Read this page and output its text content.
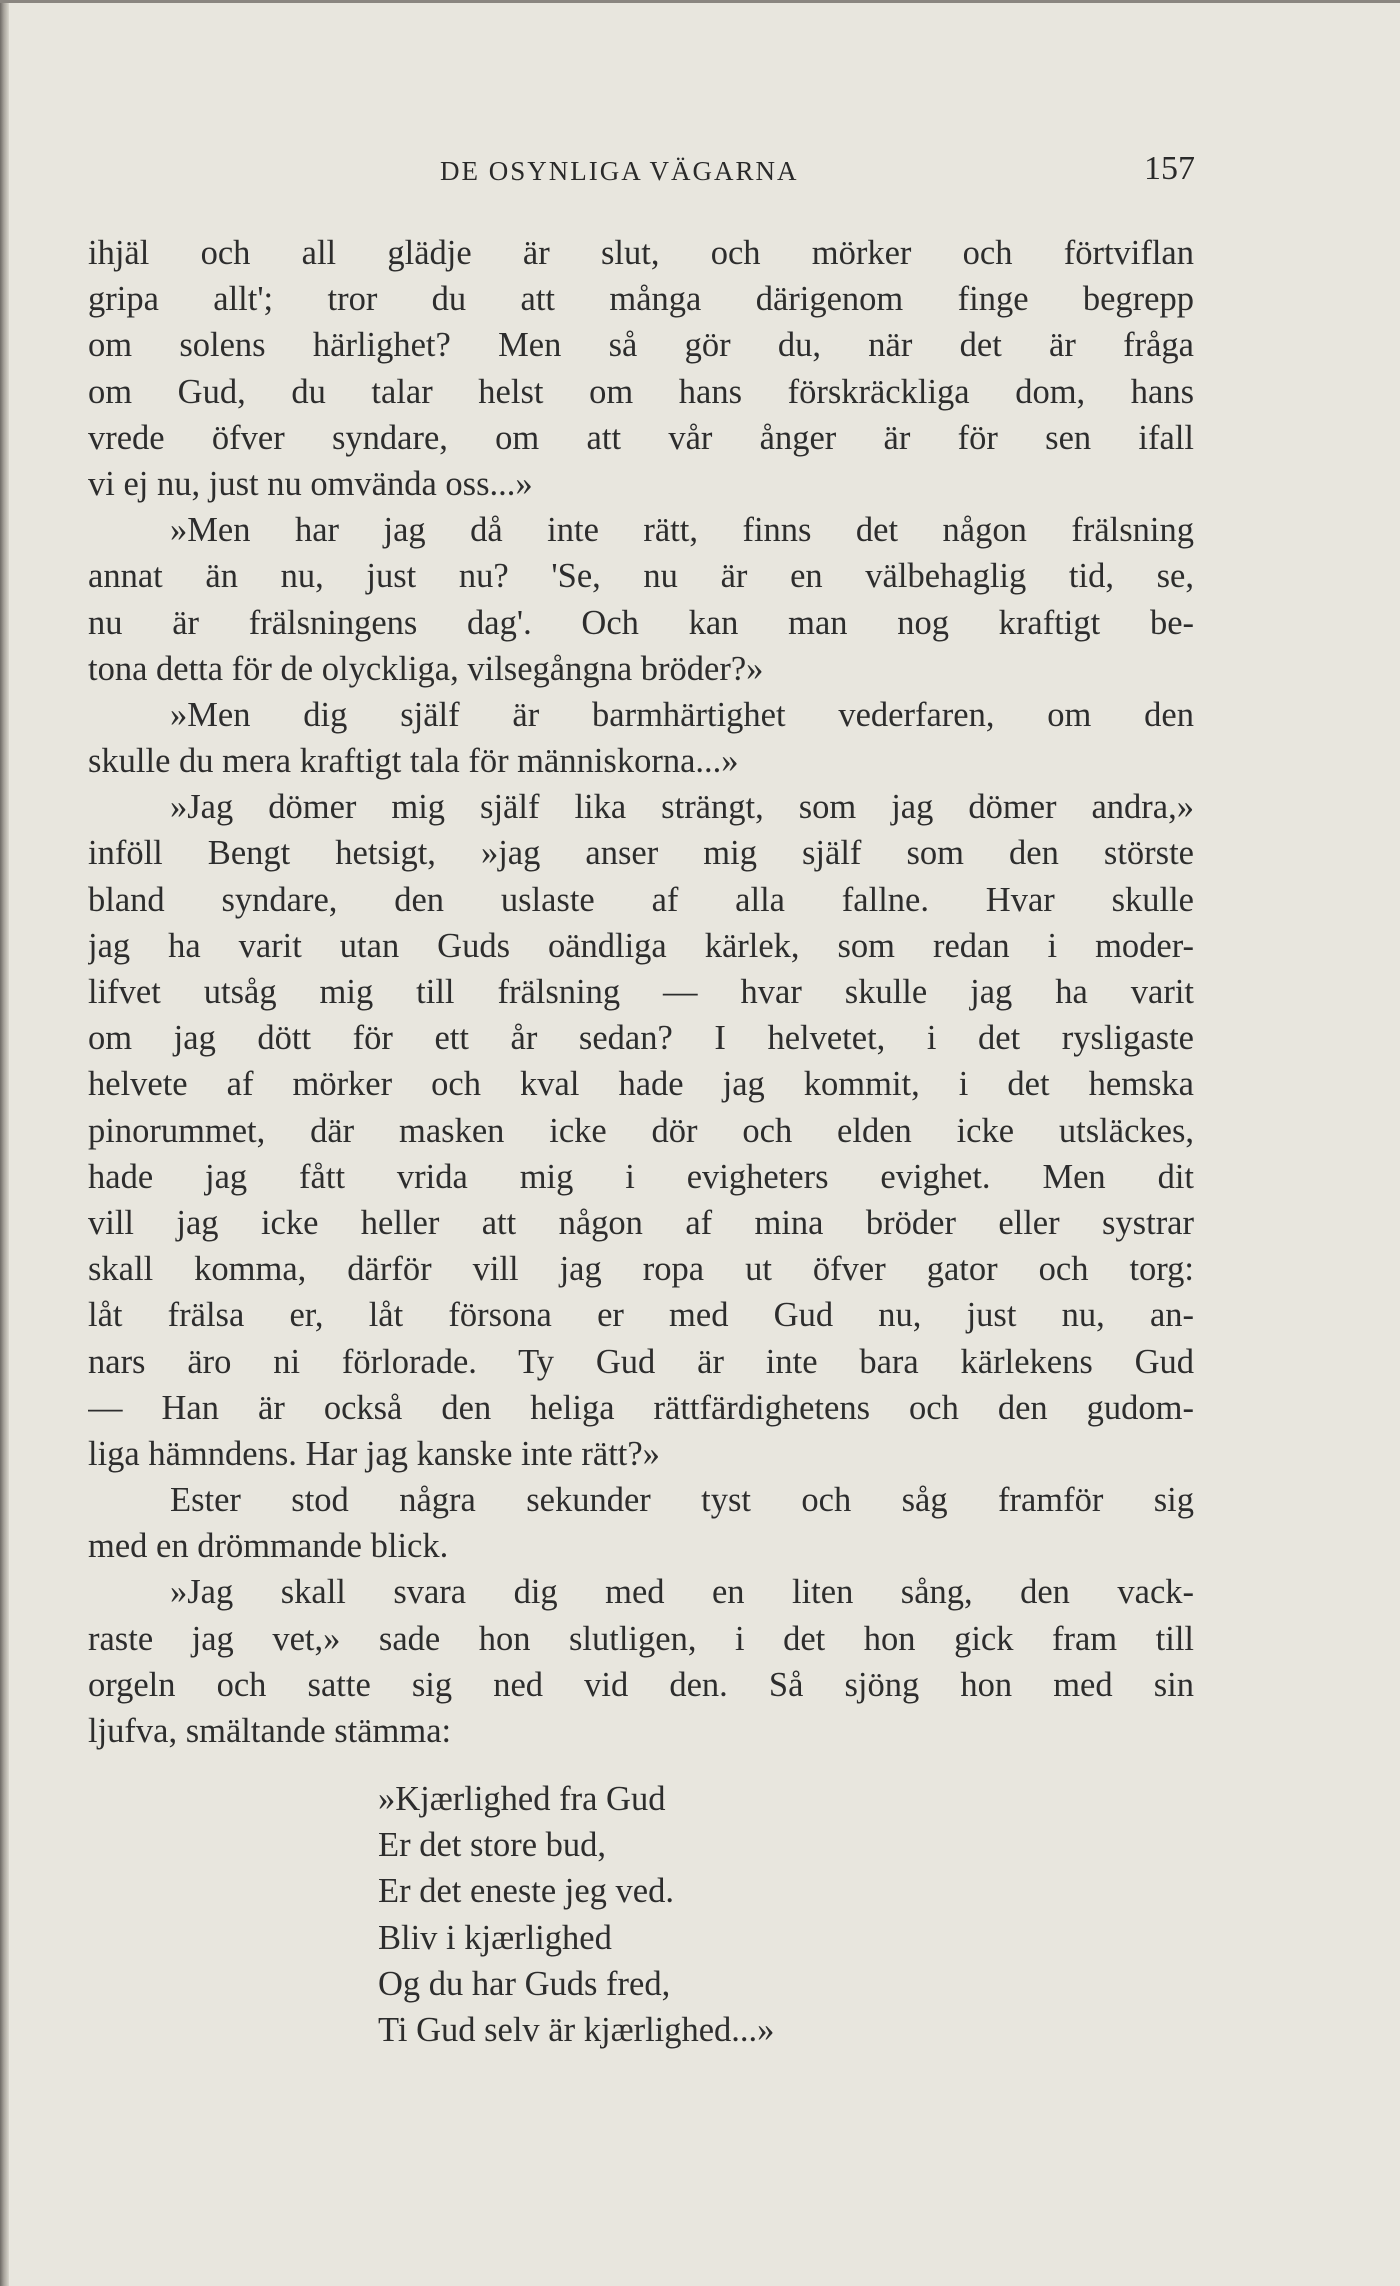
DE OSYNLIGA VÄGARNA	157
ihjäl och all glädje är slut, och mörker och förtviflan
gripa allt'; tror du att många därigenom finge begrepp
om solens härlighet? Men så gör du, när det är fråga
om Gud, du talar helst om hans förskräckliga dom, hans
vrede öfver syndare, om att vår ånger är för sen ifall
vi ej nu, just nu omvända oss...»
»Men har jag då inte rätt, finns det någon frälsning
annat än nu, just nu? 'Se, nu är en välbehaglig tid, se,
nu är frälsningens dag'. Och kan man nog kraftigt be-
tona detta för de olyckliga, vilsegångna bröder?»
»Men dig själf är barmhärtighet vederfaren, om den
skulle du mera kraftigt tala för människorna...»
»Jag dömer mig själf lika strängt, som jag dömer andra,»
inföll Bengt hetsigt, »jag anser mig själf som den störste
bland syndare, den uslaste af alla fallne. Hvar skulle
jag ha varit utan Guds oändliga kärlek, som redan i moder-
lifvet utsåg mig till frälsning — hvar skulle jag ha varit
om jag dött för ett år sedan? I helvetet, i det rysligaste
helvete af mörker och kval hade jag kommit, i det hemska
pinorummet, där masken icke dör och elden icke utsläckes,
hade jag fått vrida mig i evigheters evighet. Men dit
vill jag icke heller att någon af mina bröder eller systrar
skall komma, därför vill jag ropa ut öfver gator och torg:
låt frälsa er, låt försona er med Gud nu, just nu, an-
nars äro ni förlorade. Ty Gud är inte bara kärlekens Gud
— Han är också den heliga rättfärdighetens och den gudom-
liga hämndens. Har jag kanske inte rätt?»
Ester stod några sekunder tyst och såg framför sig
med en drömmande blick.
»Jag skall svara dig med en liten sång, den vack-
raste jag vet,» sade hon slutligen, i det hon gick fram till
orgeln och satte sig ned vid den. Så sjöng hon med sin
ljufva, smältande stämma:
»Kjærlighed fra Gud
Er det store bud,
Er det eneste jeg ved.
Bliv i kjærlighed
Og du har Guds fred,
Ti Gud selv är kjærlighed...»
